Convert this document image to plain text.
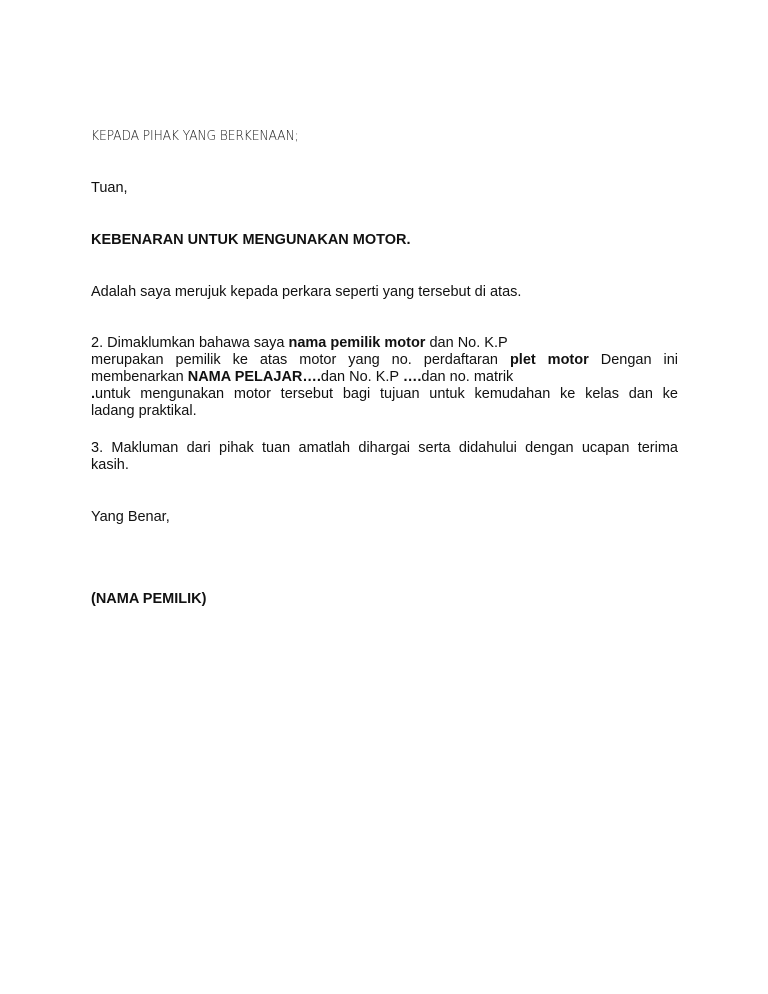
KEPADA PIHAK YANG BERKENAAN;
Tuan,
KEBENARAN UNTUK MENGUNAKAN MOTOR.
Adalah saya merujuk kepada perkara seperti yang tersebut di atas.
2. Dimaklumkan bahawa saya nama pemilik motor dan No. K.P
merupakan pemilik ke atas motor yang no. perdaftaran plet motor Dengan ini
membenarkan NAMA PELAJAR….dan No. K.P ….dan no. matrik
.untuk mengunakan motor tersebut bagi tujuan untuk kemudahan ke kelas dan ke
ladang praktikal.
3. Makluman dari pihak tuan amatlah dihargai serta didahului dengan ucapan terima
kasih.
Yang Benar,
(NAMA PEMILIK)
